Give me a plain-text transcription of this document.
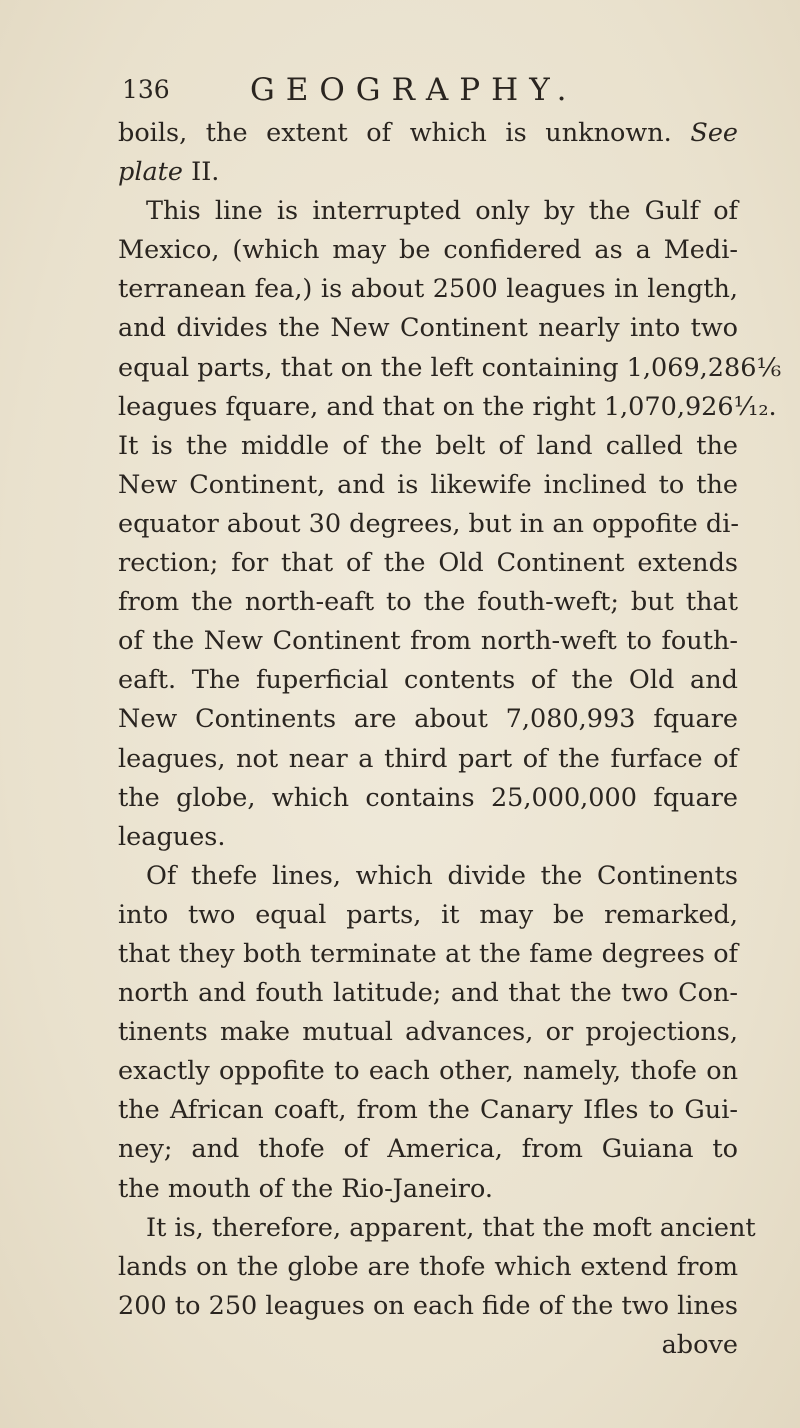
136	GEOGRAPHY.
boils, the extent of which is unknown. See
plate II.
This line is interrupted only by the Gulf of
Mexico, (which may be confidered as a Medi-
terranean fea,) is about 2500 leagues in length,
and divides the New Continent nearly into two
equal parts, that on the left containing 1,069,286⅙
leagues fquare, and that on the right 1,070,926¹⁄₁₂.
It is the middle of the belt of land called the
New Continent, and is likewife inclined to the
equator about 30 degrees, but in an oppofite di-
rection; for that of the Old Continent extends
from the north-eaft to the fouth-weft; but that
of the New Continent from north-weft to fouth-
eaft. The fuperficial contents of the Old and
New Continents are about 7,080,993 fquare
leagues, not near a third part of the furface of
the globe, which contains 25,000,000 fquare
leagues.
Of thefe lines, which divide the Continents
into two equal parts, it may be remarked,
that they both terminate at the fame degrees of
north and fouth latitude; and that the two Con-
tinents make mutual advances, or projections,
exactly oppofite to each other, namely, thofe on
the African coaft, from the Canary Ifles to Gui-
ney; and thofe of America, from Guiana to
the mouth of the Rio-Janeiro.
It is, therefore, apparent, that the moft ancient
lands on the globe are thofe which extend from
200 to 250 leagues on each fide of the two lines
above
